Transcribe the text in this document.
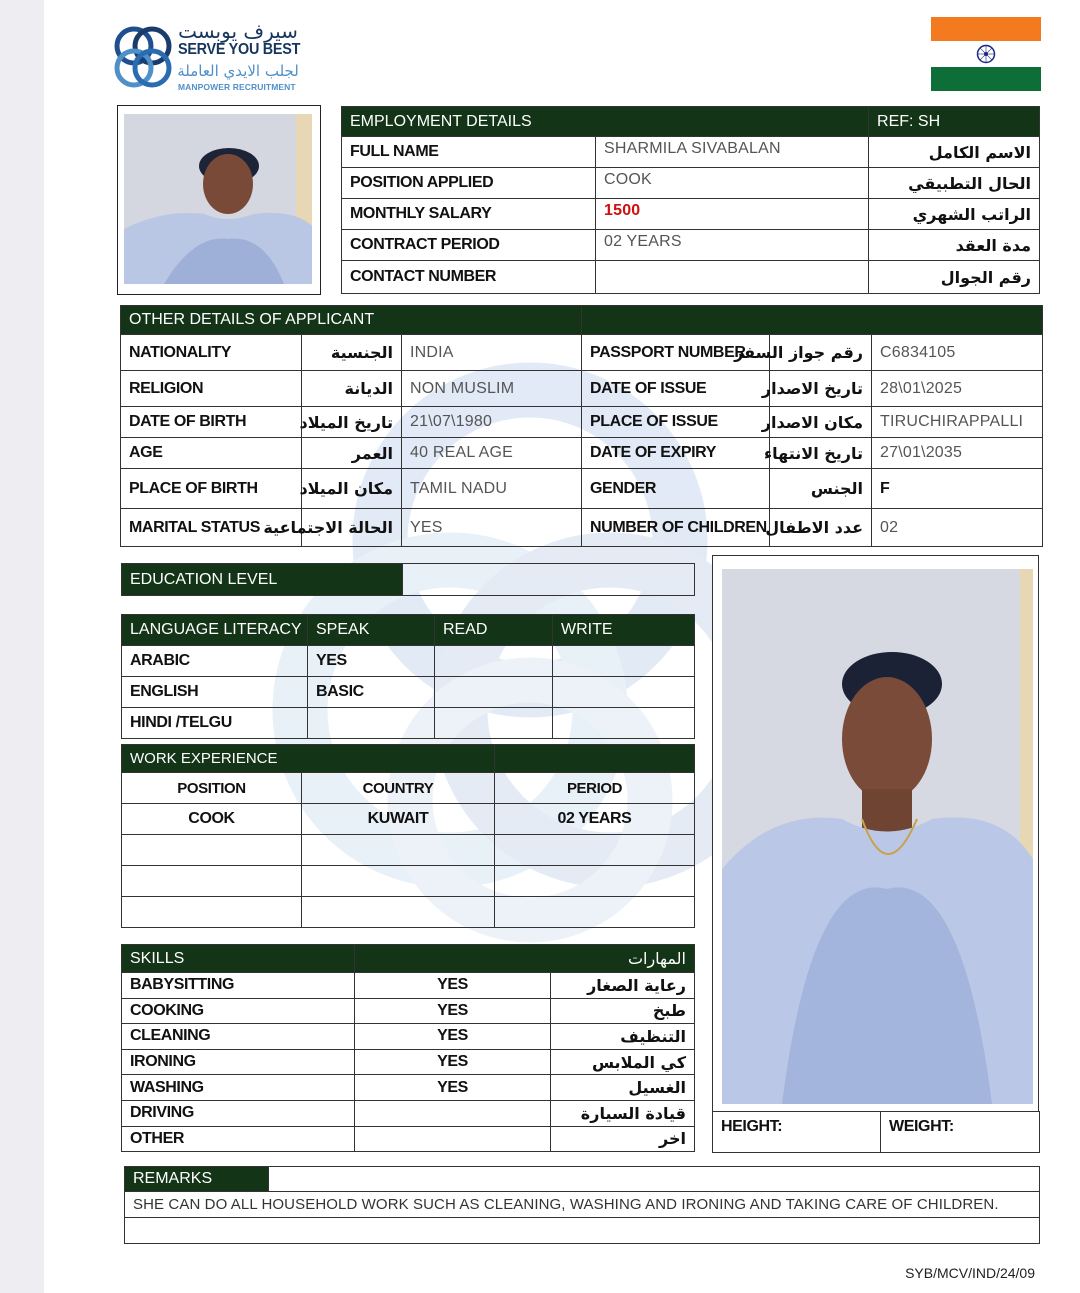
سيرف يوبست
SERVE YOU BEST
لجلب الايدي العاملة
MANPOWER RECRUITMENT
EMPLOYMENT DETAILS		REF: SH
FULL NAME	SHARMILA SIVABALAN	الاسم الكامل
POSITION APPLIED	COOK	الحال التطبيقي
MONTHLY SALARY	1500	الراتب الشهري
CONTRACT PERIOD	02 YEARS	مدة العقد
CONTACT NUMBER		رقم الجوال
OTHER DETAILS OF APPLICANT					
NATIONALITY	الجنسية	INDIA	PASSPORT NUMBER	رقم جواز السفر	C6834105
RELIGION	الديانة	NON MUSLIM	DATE OF ISSUE	تاريخ الاصدار	28\01\2025
DATE OF BIRTH	تاريخ الميلاد	21\07\1980	PLACE OF ISSUE	مكان الاصدار	TIRUCHIRAPPALLI
AGE	العمر	40 REAL AGE	DATE OF EXPIRY	تاريخ الانتهاء	27\01\2035
PLACE OF BIRTH	مكان الميلاد	TAMIL NADU	GENDER	الجنس	F
MARITAL STATUS	الحالة الاجتماعية	YES	NUMBER OF CHILDREN	عدد الاطفال	02
EDUCATION LEVEL	
LANGUAGE LITERACY	SPEAK	READ	WRITE
ARABIC	YES		
ENGLISH	BASIC		
HINDI /TELGU			
WORK EXPERIENCE		
POSITION	COUNTRY	PERIOD
COOK	KUWAIT	02 YEARS

SKILLS	المهارات	
BABYSITTING	YES	رعاية الصغار
COOKING	YES	طبخ
CLEANING	YES	التنظيف
IRONING	YES	كي الملابس
WASHING	YES	الغسيل
DRIVING		قيادة السيارة
OTHER		اخر
HEIGHT:	WEIGHT:
REMARKS	
SHE CAN DO ALL HOUSEHOLD WORK SUCH AS CLEANING, WASHING AND IRONING AND TAKING CARE OF CHILDREN.

SYB/MCV/IND/24/09
